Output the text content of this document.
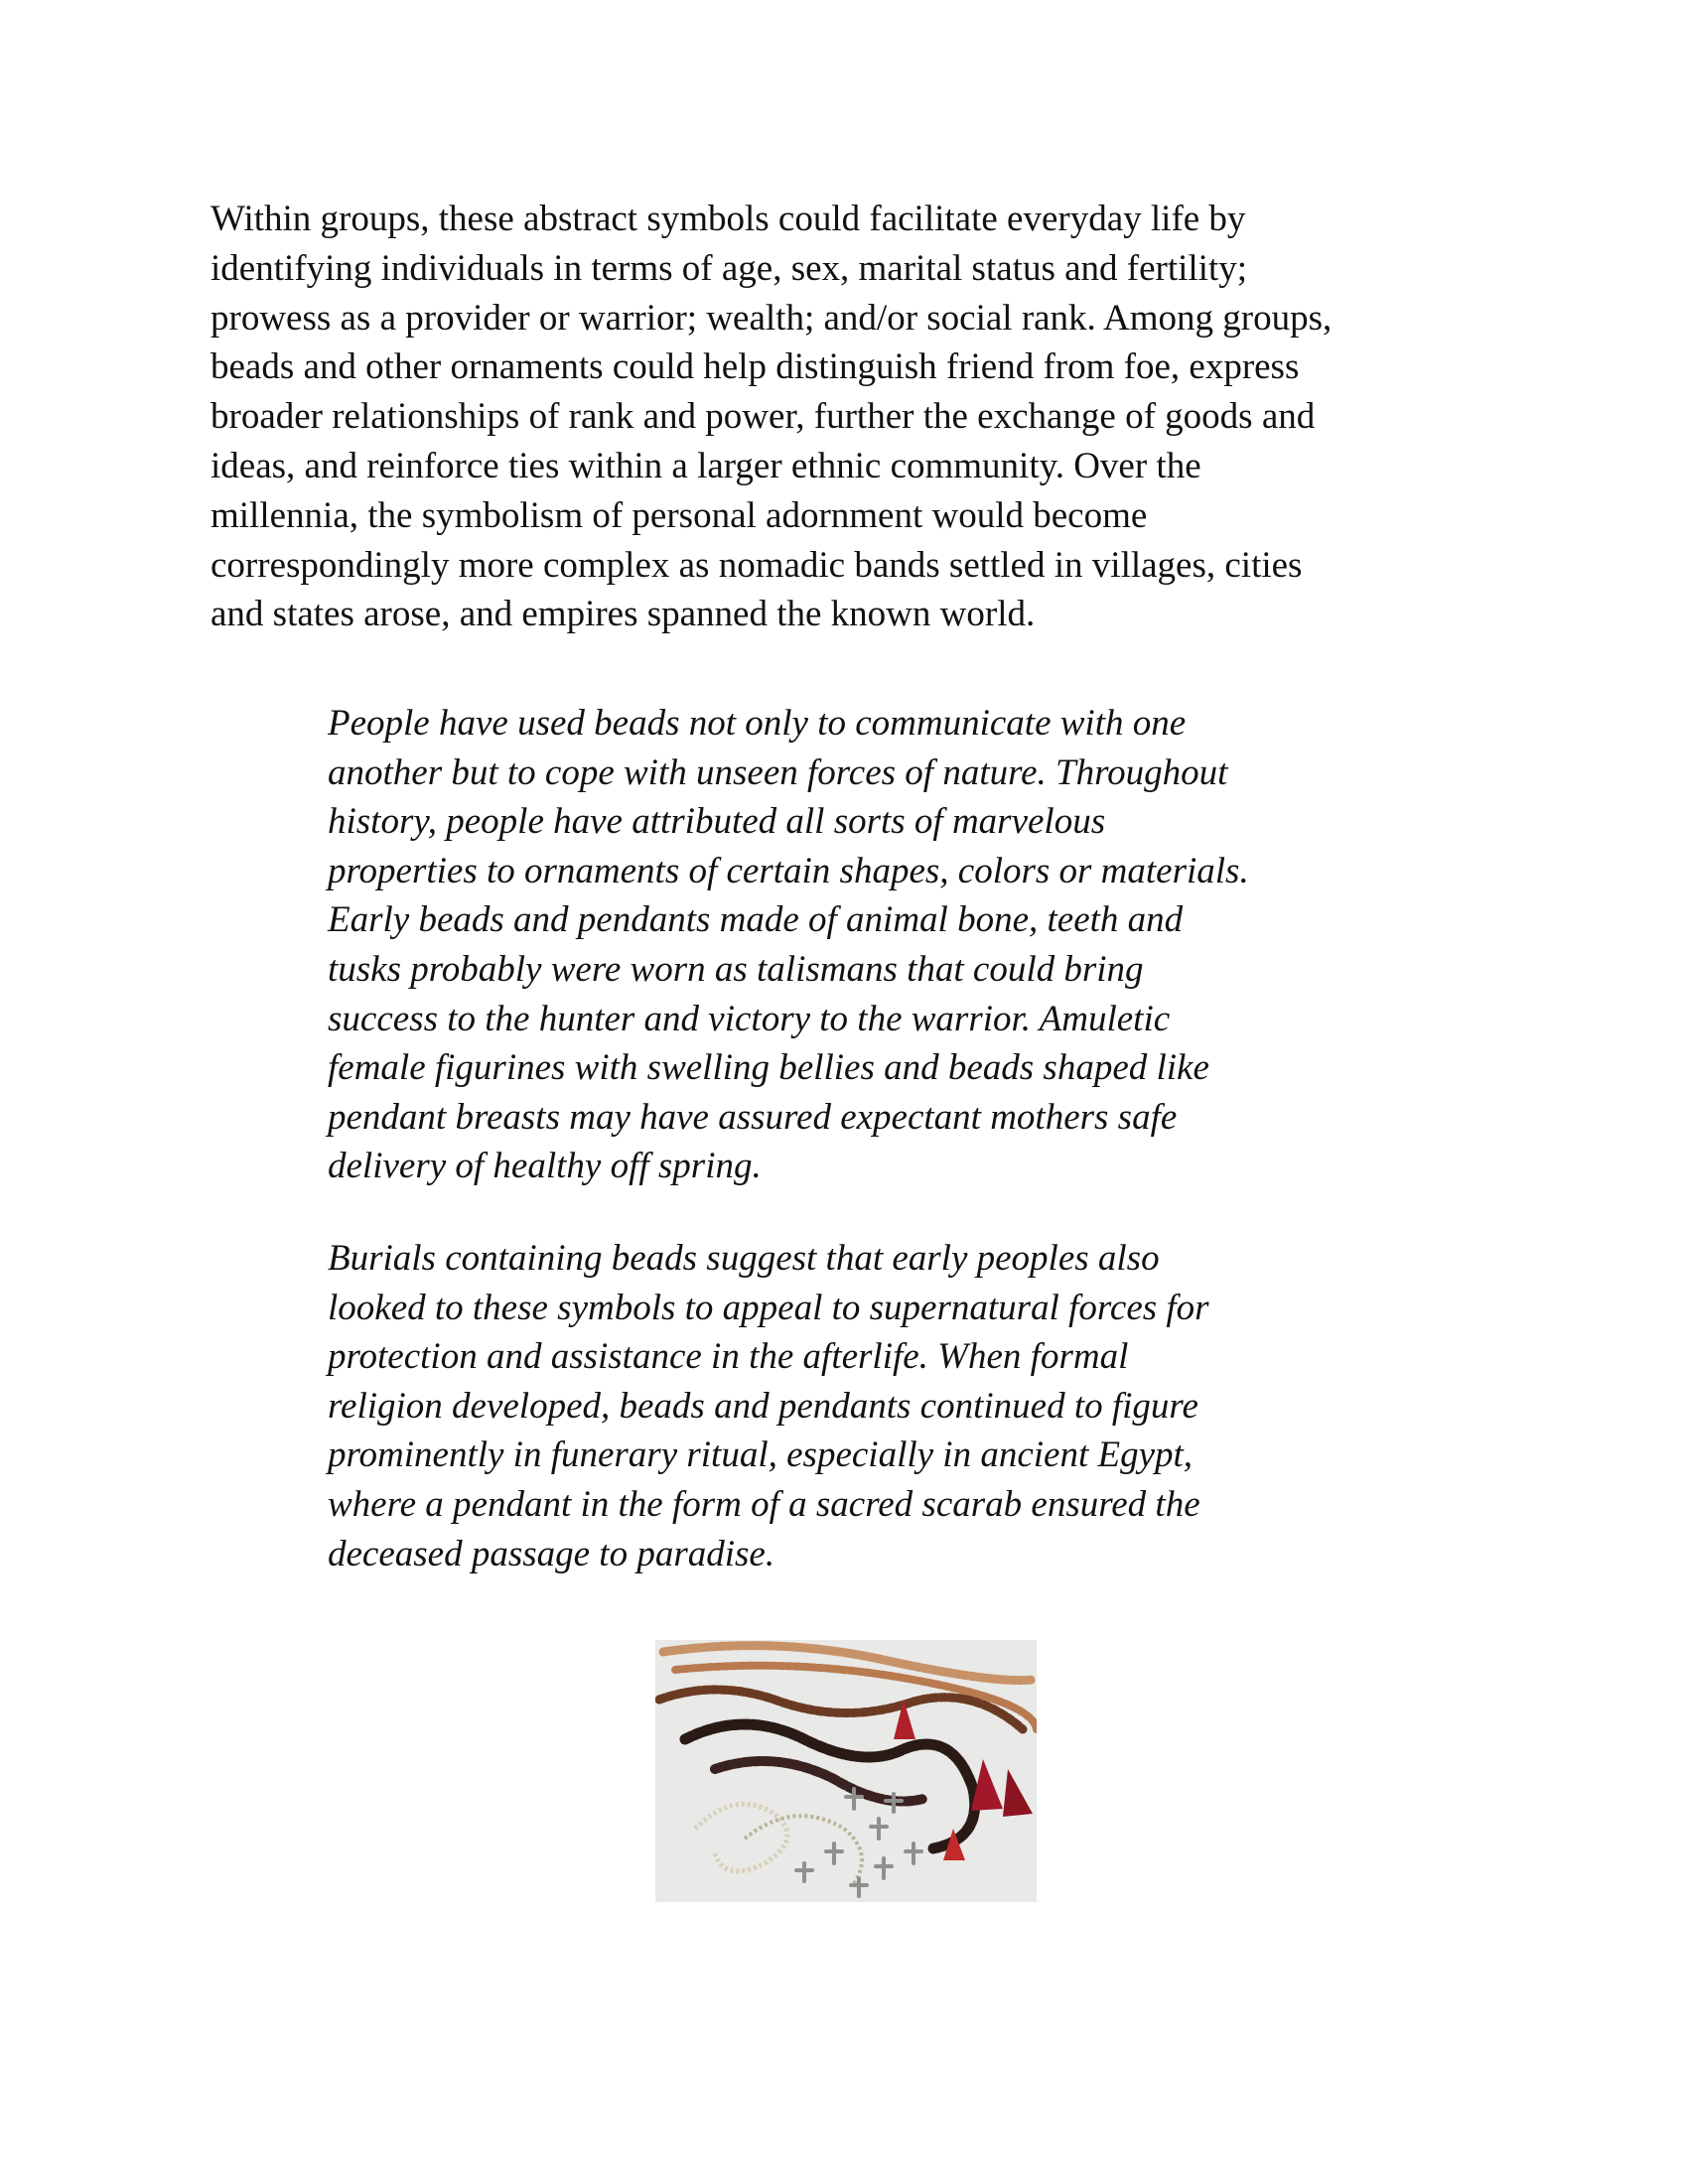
Within groups, these abstract symbols could facilitate everyday life by
identifying individuals in terms of age, sex, marital status and fertility;
prowess as a provider or warrior; wealth; and/or social rank. Among groups,
beads and other ornaments could help distinguish friend from foe, express
broader relationships of rank and power, further the exchange of goods and
ideas, and reinforce ties within a larger ethnic community. Over the
millennia, the symbolism of personal adornment would become
correspondingly more complex as nomadic bands settled in villages, cities
and states arose, and empires spanned the known world.

People have used beads not only to communicate with one
another but to cope with unseen forces of nature. Throughout
history, people have attributed all sorts of marvelous
properties to ornaments of certain shapes, colors or materials.
Early beads and pendants made of animal bone, teeth and
tusks probably were worn as talismans that could bring
success to the hunter and victory to the warrior. Amuletic
female figurines with swelling bellies and beads shaped like
pendant breasts may have assured expectant mothers safe
delivery of healthy off spring.

Burials containing beads suggest that early peoples also
looked to these symbols to appeal to supernatural forces for
protection and assistance in the afterlife. When formal
religion developed, beads and pendants continued to figure
prominently in funerary ritual, especially in ancient Egypt,
where a pendant in the form of a sacred scarab ensured the
deceased passage to paradise.
